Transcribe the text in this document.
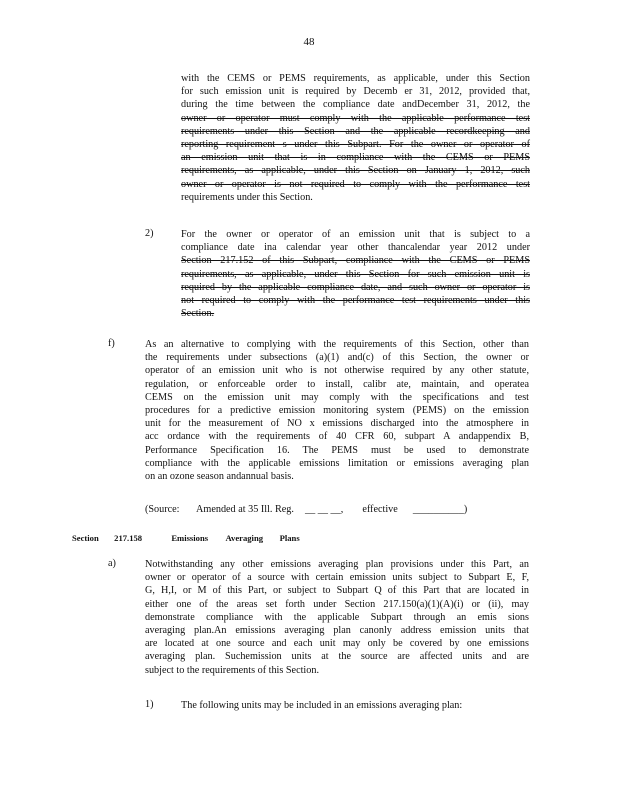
48
with the CEMS or PEMS requirements, as applicable, under this Section
for such emission unit is required by Decemb er 31, 2012, provided that,
during the time between the compliance date andDecember 31, 2012, the
owner or operator must comply with the applicable performance test
requirements under this Section and the applicable recordkeeping and
reporting requirement s under this Subpart. For the owner or operator of
an emission unit that is in compliance with the CEMS or PEMS
requirements, as applicable, under this Section on January 1, 2012, such
owner or operator is not required to comply with the performance test
requirements under this Section.
2)	For the owner or operator of an emission unit that is subject to a
compliance date ina calendar year other thancalendar year 2012 under
Section 217.152 of this Subpart, compliance with the CEMS or PEMS
requirements, as applicable, under this Section for such emission unit is
required by the applicable compliance date, and such owner or operator is
not required to comply with the performance test requirements under this
Section.
f)	As an alternative to complying with the requirements of this Section, other than
the requirements under subsections (a)(1) and(c) of this Section, the owner or
operator of an emission unit who is not otherwise required by any other statute,
regulation, or enforceable order to install, calibr ate, maintain, and operatea
CEMS on the emission unit may comply with the specifications and test
procedures for a predictive emission monitoring system (PEMS) on the emission
unit for the measurement of NO x emissions discharged into the atmosphere in
acc ordance with the requirements of 40 CFR 60, subpart A andappendix B,
Performance Specification 16. The PEMS must be used to demonstrate
compliance with the applicable emissions limitation or emissions averaging plan
on an ozone season andannual basis.
(Source: Amended at 35 Ill. Reg. __ __ __, effective __________)
Section 217.158	Emissions Averaging Plans
a)	Notwithstanding any other emissions averaging plan provisions under this Part, an
owner or operator of a source with certain emission units subject to Subpart E, F,
G, H,I, or M of this Part, or subject to Subpart Q of this Part that are located in
either one of the areas set forth under Section 217.150(a)(1)(A)(i) or (ii), may
demonstrate compliance with the applicable Subpart through an emis sions
averaging plan.An emissions averaging plan canonly address emission units that
are located at one source and each unit may only be covered by one emissions
averaging plan. Suchemission units at the source are affected units and are
subject to the requirements of this Section.
1)	The following units may be included in an emissions averaging plan:
